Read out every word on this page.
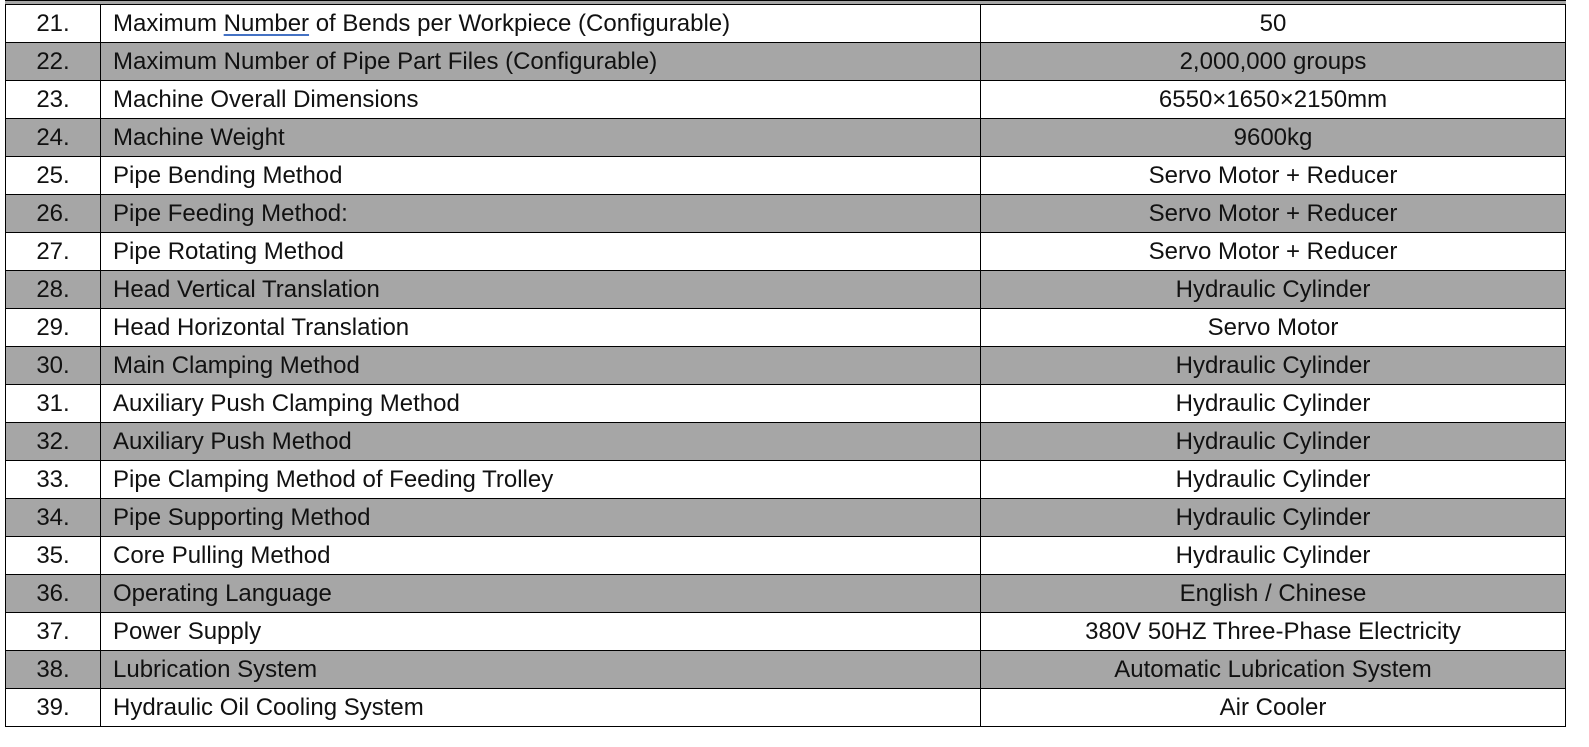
21.	Maximum Number of Bends per Workpiece (Configurable)	50
22.	Maximum Number of Pipe Part Files (Configurable)	2,000,000 groups
23.	Machine Overall Dimensions	6550×1650×2150mm
24.	Machine Weight	9600kg
25.	Pipe Bending Method	Servo Motor + Reducer
26.	Pipe Feeding Method:	Servo Motor + Reducer
27.	Pipe Rotating Method	Servo Motor + Reducer
28.	Head Vertical Translation	Hydraulic Cylinder
29.	Head Horizontal Translation	Servo Motor
30.	Main Clamping Method	Hydraulic Cylinder
31.	Auxiliary Push Clamping Method	Hydraulic Cylinder
32.	Auxiliary Push Method	Hydraulic Cylinder
33.	Pipe Clamping Method of Feeding Trolley	Hydraulic Cylinder
34.	Pipe Supporting Method	Hydraulic Cylinder
35.	Core Pulling Method	Hydraulic Cylinder
36.	Operating Language	English / Chinese
37.	Power Supply	380V 50HZ Three-Phase Electricity
38.	Lubrication System	Automatic Lubrication System
39.	Hydraulic Oil Cooling System	Air Cooler
